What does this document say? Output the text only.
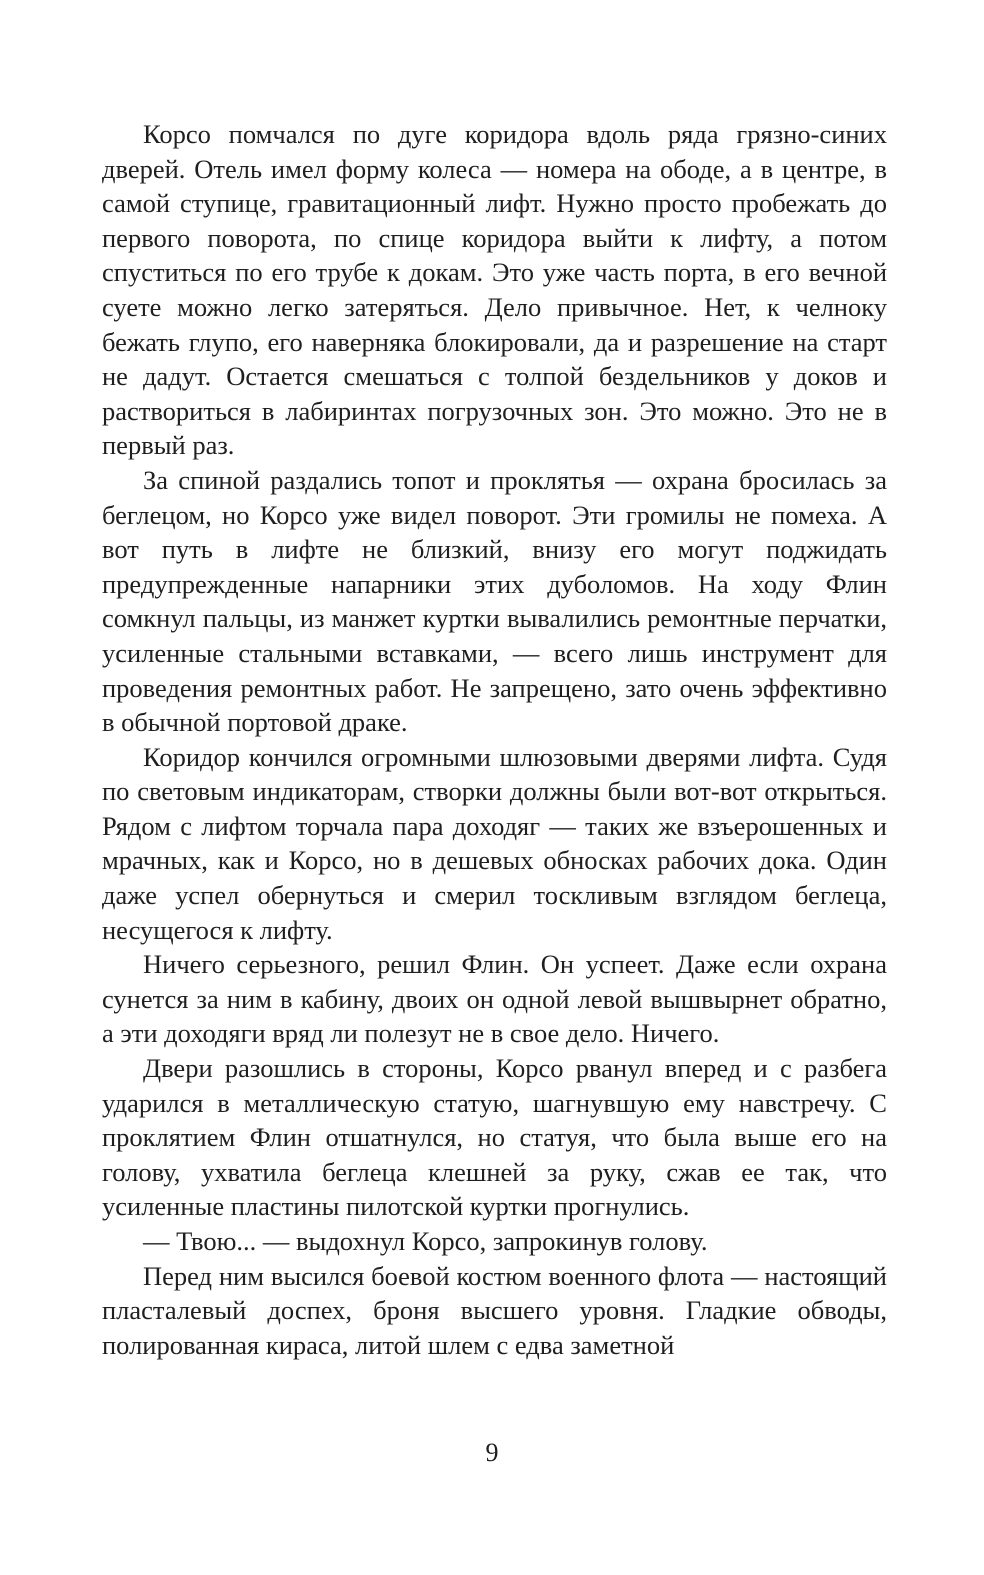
Корсо помчался по дуге коридора вдоль ряда грязно-синих дверей. Отель имел форму колеса — номера на ободе, а в центре, в самой ступице, гравитационный лифт. Нужно просто пробежать до первого поворота, по спице коридора выйти к лифту, а потом спуститься по его трубе к докам. Это уже часть порта, в его вечной суете можно легко затеряться. Дело привычное. Нет, к челноку бежать глупо, его наверняка блокировали, да и разрешение на старт не дадут. Остается смешаться с толпой бездельников у доков и раствориться в лабиринтах погрузочных зон. Это можно. Это не в первый раз.

За спиной раздались топот и проклятья — охрана бросилась за беглецом, но Корсо уже видел поворот. Эти громилы не помеха. А вот путь в лифте не близкий, внизу его могут поджидать предупрежденные напарники этих дуболомов. На ходу Флин сомкнул пальцы, из манжет куртки вывалились ремонтные перчатки, усиленные стальными вставками, — всего лишь инструмент для проведения ремонтных работ. Не запрещено, зато очень эффективно в обычной портовой драке.

Коридор кончился огромными шлюзовыми дверями лифта. Судя по световым индикаторам, створки должны были вот-вот открыться. Рядом с лифтом торчала пара доходяг — таких же взъерошенных и мрачных, как и Корсо, но в дешевых обносках рабочих дока. Один даже успел обернуться и смерил тоскливым взглядом беглеца, несущегося к лифту.

Ничего серьезного, решил Флин. Он успеет. Даже если охрана сунется за ним в кабину, двоих он одной левой вышвырнет обратно, а эти доходяги вряд ли полезут не в свое дело. Ничего.

Двери разошлись в стороны, Корсо рванул вперед и с разбега ударился в металлическую статую, шагнувшую ему навстречу. С проклятием Флин отшатнулся, но статуя, что была выше его на голову, ухватила беглеца клешней за руку, сжав ее так, что усиленные пластины пилотской куртки прогнулись.

— Твою... — выдохнул Корсо, запрокинув голову.

Перед ним высился боевой костюм военного флота — настоящий пласталевый доспех, броня высшего уровня. Гладкие обводы, полированная кираса, литой шлем с едва заметной

9
